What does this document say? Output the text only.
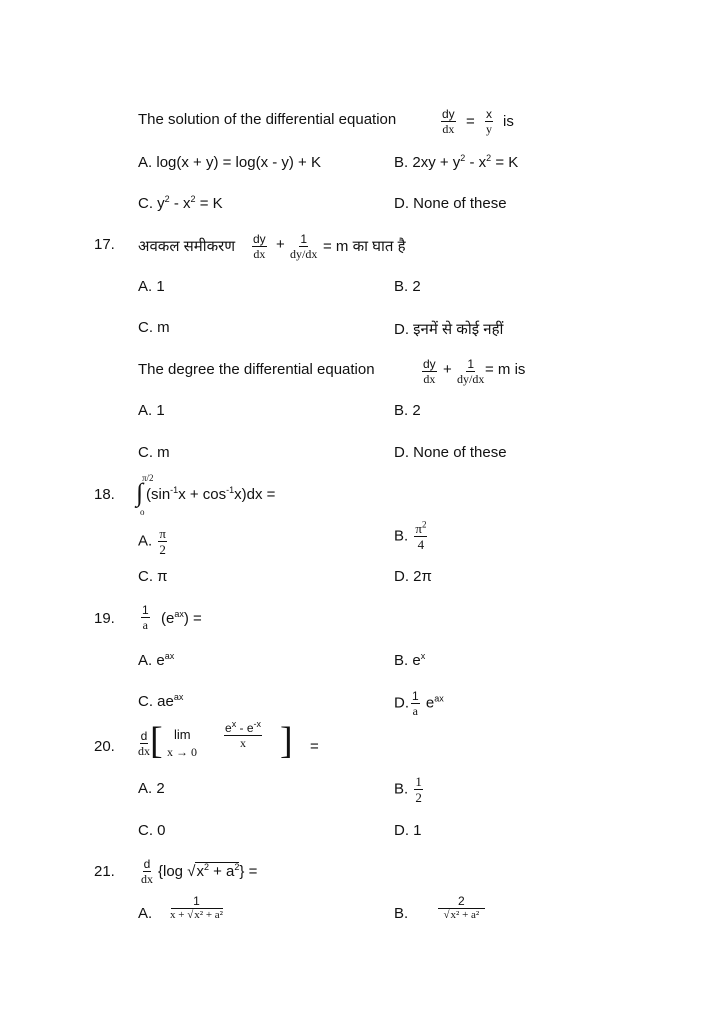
The solution of the differential equation	$\frac{dy}{dx} = \frac{x}{y}$ is
A. log(x + y) = log(x - y) + K	B. $2xy + y^2 - x^2 = K$
C. $y^2 - x^2 = K$	D. None of these
17. अवकल समीकरण $\frac{dy}{dx} + \frac{1}{dy/dx} = m$ का घात है
A. 1	B. 2
C. m	D. इनमें से कोई नहीं
The degree the differential equation	$\frac{dy}{dx} + \frac{1}{dy/dx} = m$ is
A. 1	B. 2
C. m	D. None of these
18. ∫
π/2
o
$(\sin^{-1}x + \cos^{-1}x)dx$ =
A. $\frac{\pi}{2}$	B. $\frac{\pi^2}{4}$
C. π	D. 2π
19. $\frac{1}{a} (e^{ax})$ =
A. $e^{ax}$	B. $e^x$
C. $ae^{ax}$	D. $\frac{1}{a} e^{ax}$
20. $\frac{d}{dx}$ [ lim
x → 0
$\frac{e^x - e^{-x}}{x}$ ] =
A. 2	B. $\frac{1}{2}$
C. 0	D. 1
21. $\frac{d}{dx} \{\log$ $√x^2 + a^2$} =
A. $\frac{1}{\text{x + √x² + a²}}$	B. $\frac{2}{\text{√x² + a²}}$
